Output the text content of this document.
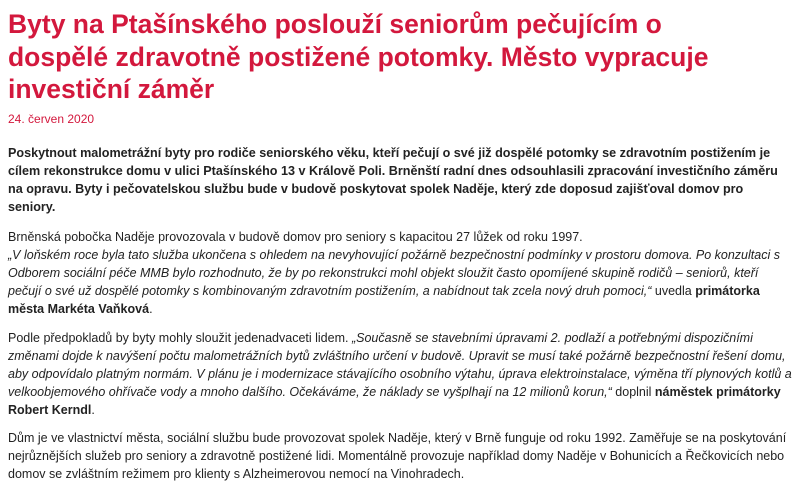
Byty na Ptašínského poslouží seniorům pečujícím o dospělé zdravotně postižené potomky. Město vypracuje investiční záměr
24. červen 2020
Poskytnout malometrážní byty pro rodiče seniorského věku, kteří pečují o své již dospělé potomky se zdravotním postižením je cílem rekonstrukce domu v ulici Ptašínského 13 v Králově Poli. Brněnští radní dnes odsouhlasili zpracování investičního záměru na opravu. Byty i pečovatelskou službu bude v budově poskytovat spolek Naděje, který zde doposud zajišťoval domov pro seniory.
Brněnská pobočka Naděje provozovala v budově domov pro seniory s kapacitou 27 lůžek od roku 1997.
„V loňském roce byla tato služba ukončena s ohledem na nevyhovující požárně bezpečnostní podmínky v prostoru domova. Po konzultaci s Odborem sociální péče MMB bylo rozhodnuto, že by po rekonstrukci mohl objekt sloužit často opomíjené skupině rodičů – seniorů, kteří pečují o své už dospělé potomky s kombinovaným zdravotním postižením, a nabídnout tak zcela nový druh pomoci,“ uvedla primátorka města Markéta Vaňková.
Podle předpokladů by byty mohly sloužit jedenadvaceti lidem. „Současně se stavebními úpravami 2. podlaží a potřebnými dispozičními změnami dojde k navýšení počtu malometrážních bytů zvláštního určení v budově. Upravit se musí také požárně bezpečnostní řešení domu, aby odpovídalo platným normám. V plánu je i modernizace stávajícího osobního výtahu, úprava elektroinstalace, výměna tří plynových kotlů a velkoobjemového ohřívače vody a mnoho dalšího. Očekáváme, že náklady se vyšplhají na 12 milionů korun,“ doplnil náměstek primátorky Robert Kerndl.
Dům je ve vlastnictví města, sociální službu bude provozovat spolek Naděje, který v Brně funguje od roku 1992. Zaměřuje se na poskytování nejrůznějších služeb pro seniory a zdravotně postižené lidi. Momentálně provozuje například domy Naděje v Bohunicích a Řečkovicích nebo domov se zvláštním režimem pro klienty s Alzheimerovou nemocí na Vinohradech.
